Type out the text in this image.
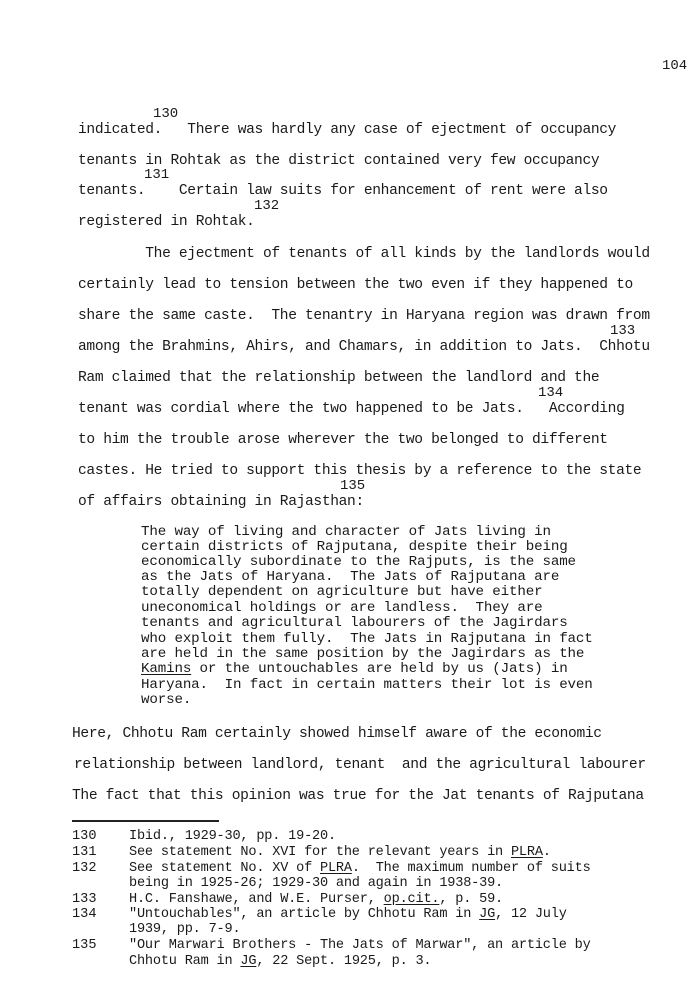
104
130
indicated.   There was hardly any case of ejectment of occupancy
tenants in Rohtak as the district contained very few occupancy
131
tenants.    Certain law suits for enhancement of rent were also
132
registered in Rohtak.
The ejectment of tenants of all kinds by the landlords would
certainly lead to tension between the two even if they happened to
share the same caste.  The tenantry in Haryana region was drawn from
133
among the Brahmins, Ahirs, and Chamars, in addition to Jats.  Chhotu
Ram claimed that the relationship between the landlord and the
134
tenant was cordial where the two happened to be Jats.   According
to him the trouble arose wherever the two belonged to different
castes. He tried to support this thesis by a reference to the state
135
of affairs obtaining in Rajasthan:
The way of living and character of Jats living in
certain districts of Rajputana, despite their being
economically subordinate to the Rajputs, is the same
as the Jats of Haryana.  The Jats of Rajputana are
totally dependent on agriculture but have either
uneconomical holdings or are landless.  They are
tenants and agricultural labourers of the Jagirdars
who exploit them fully.  The Jats in Rajputana in fact
are held in the same position by the Jagirdars as the
Kamins or the untouchables are held by us (Jats) in
Haryana.  In fact in certain matters their lot is even
worse.
Here, Chhotu Ram certainly showed himself aware of the economic
relationship between landlord, tenant  and the agricultural labourer
The fact that this opinion was true for the Jat tenants of Rajputana
130 Ibid., 1929-30, pp. 19-20.
131 See statement No. XVI for the relevant years in PLRA.
132 See statement No. XV of PLRA.  The maximum number of suits
being in 1925-26; 1929-30 and again in 1938-39.
133 H.C. Fanshawe, and W.E. Purser, op.cit., p. 59.
134 "Untouchables", an article by Chhotu Ram in JG, 12 July
1939, pp. 7-9.
135 "Our Marwari Brothers - The Jats of Marwar", an article by
Chhotu Ram in JG, 22 Sept. 1925, p. 3.
